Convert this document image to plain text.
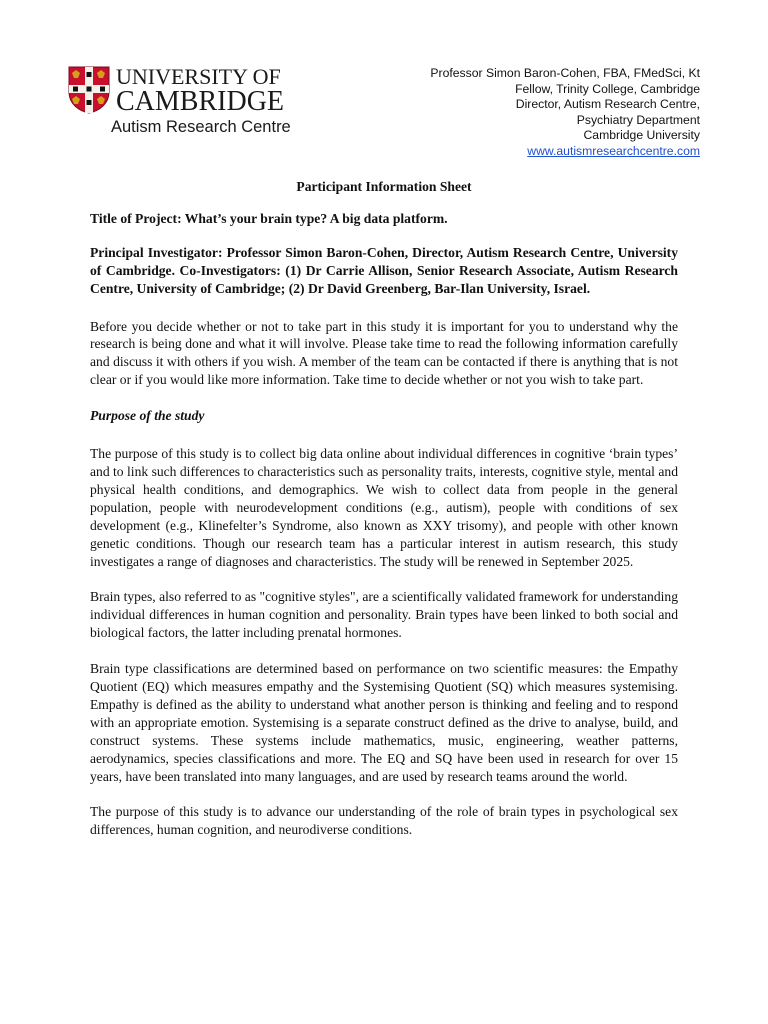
UNIVERSITY OF
CAMBRIDGE
Autism Research Centre
Professor Simon Baron-Cohen, FBA, FMedSci, Kt
Fellow, Trinity College, Cambridge
Director, Autism Research Centre,
Psychiatry Department
Cambridge University
www.autismresearchcentre.com

Participant Information Sheet

Title of Project: What’s your brain type? A big data platform.

Principal Investigator: Professor Simon Baron-Cohen, Director, Autism Research Centre, University of Cambridge. Co-Investigators: (1) Dr Carrie Allison, Senior Research Associate, Autism Research Centre, University of Cambridge; (2) Dr David Greenberg, Bar-Ilan University, Israel.

Before you decide whether or not to take part in this study it is important for you to understand why the research is being done and what it will involve. Please take time to read the following information carefully and discuss it with others if you wish. A member of the team can be contacted if there is anything that is not clear or if you would like more information. Take time to decide whether or not you wish to take part.

Purpose of the study

The purpose of this study is to collect big data online about individual differences in cognitive ‘brain types’ and to link such differences to characteristics such as personality traits, interests, cognitive style, mental and physical health conditions, and demographics. We wish to collect data from people in the general population, people with neurodevelopment conditions (e.g., autism), people with conditions of sex development (e.g., Klinefelter’s Syndrome, also known as XXY trisomy), and people with other known genetic conditions. Though our research team has a particular interest in autism research, this study investigates a range of diagnoses and characteristics. The study will be renewed in September 2025.

Brain types, also referred to as "cognitive styles", are a scientifically validated framework for understanding individual differences in human cognition and personality. Brain types have been linked to both social and biological factors, the latter including prenatal hormones.

Brain type classifications are determined based on performance on two scientific measures: the Empathy Quotient (EQ) which measures empathy and the Systemising Quotient (SQ) which measures systemising. Empathy is defined as the ability to understand what another person is thinking and feeling and to respond with an appropriate emotion. Systemising is a separate construct defined as the drive to analyse, build, and construct systems. These systems include mathematics, music, engineering, weather patterns, aerodynamics, species classifications and more. The EQ and SQ have been used in research for over 15 years, have been translated into many languages, and are used by research teams around the world.

The purpose of this study is to advance our understanding of the role of brain types in psychological sex differences, human cognition, and neurodiverse conditions.
